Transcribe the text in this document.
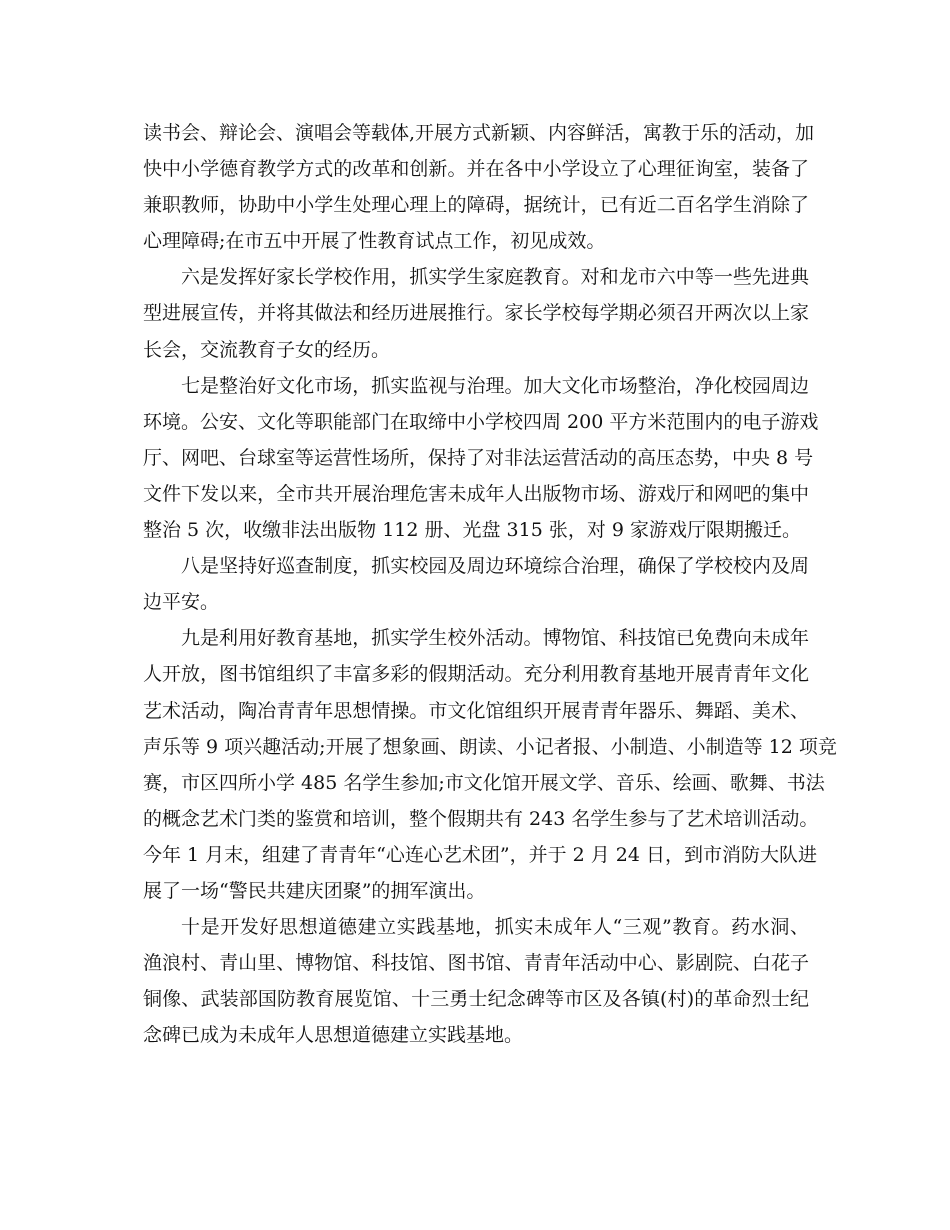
读书会、辩论会、演唱会等载体,开展方式新颖、内容鲜活，寓教于乐的活动，加
快中小学德育教学方式的改革和创新。并在各中小学设立了心理征询室，装备了
兼职教师，协助中小学生处理心理上的障碍，据统计，已有近二百名学生消除了
心理障碍;在市五中开展了性教育试点工作，初见成效。

六是发挥好家长学校作用，抓实学生家庭教育。对和龙市六中等一些先进典
型进展宣传，并将其做法和经历进展推行。家长学校每学期必须召开两次以上家
长会，交流教育子女的经历。

七是整治好文化市场，抓实监视与治理。加大文化市场整治，净化校园周边
环境。公安、文化等职能部门在取缔中小学校四周 200 平方米范围内的电子游戏
厅、网吧、台球室等运营性场所，保持了对非法运营活动的高压态势，中央 8 号
文件下发以来，全市共开展治理危害未成年人出版物市场、游戏厅和网吧的集中
整治 5 次，收缴非法出版物 112 册、光盘 315 张，对 9 家游戏厅限期搬迁。

八是坚持好巡查制度，抓实校园及周边环境综合治理，确保了学校校内及周
边平安。

九是利用好教育基地，抓实学生校外活动。博物馆、科技馆已免费向未成年
人开放，图书馆组织了丰富多彩的假期活动。充分利用教育基地开展青青年文化
艺术活动，陶冶青青年思想情操。市文化馆组织开展青青年器乐、舞蹈、美术、
声乐等 9 项兴趣活动;开展了想象画、朗读、小记者报、小制造、小制造等 12 项竞
赛，市区四所小学 485 名学生参加;市文化馆开展文学、音乐、绘画、歌舞、书法
的概念艺术门类的鉴赏和培训，整个假期共有 243 名学生参与了艺术培训活动。
今年 1 月末，组建了青青年“心连心艺术团”，并于 2 月 24 日，到市消防大队进
展了一场“警民共建庆团聚”的拥军演出。

十是开发好思想道德建立实践基地，抓实未成年人“三观”教育。药水洞、
渔浪村、青山里、博物馆、科技馆、图书馆、青青年活动中心、影剧院、白花子
铜像、武装部国防教育展览馆、十三勇士纪念碑等市区及各镇(村)的革命烈士纪
念碑已成为未成年人思想道德建立实践基地。
